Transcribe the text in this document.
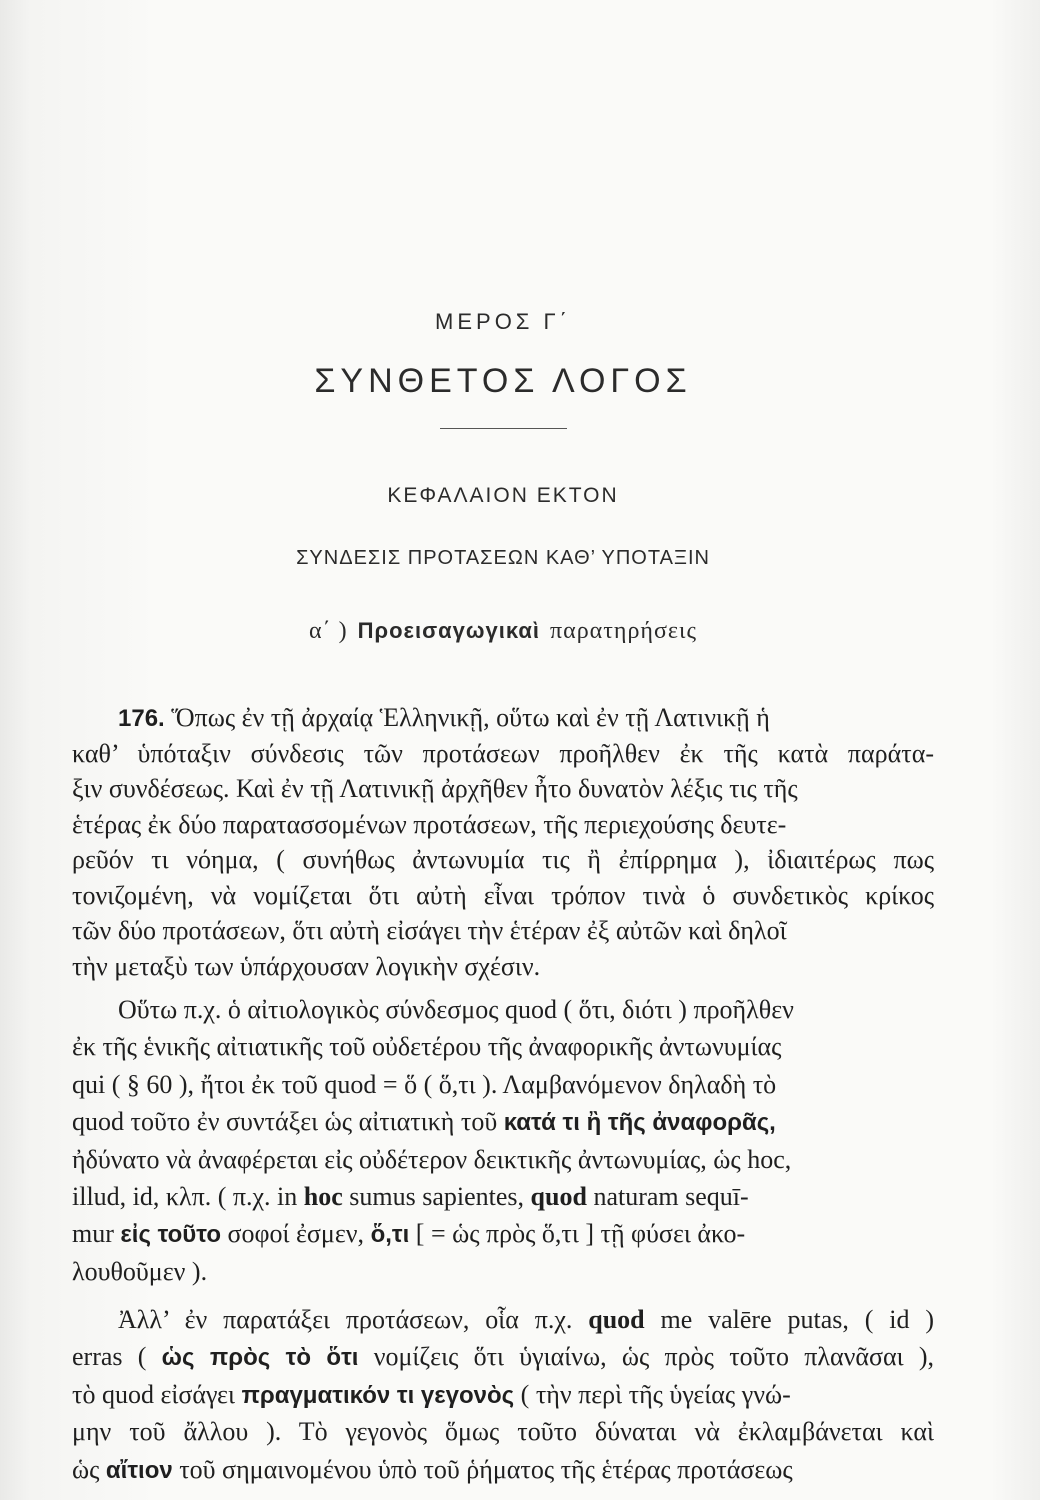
ΜΕΡΟΣ Γ΄
ΣΥΝΘΕΤΟΣ ΛΟΓΟΣ
ΚΕΦΑΛΑΙΟΝ ΕΚΤΟΝ
ΣΥΝΔΕΣΙΣ ΠΡΟΤΑΣΕΩΝ ΚΑΘ’ ΥΠΟΤΑΞΙΝ
α΄ ) Προεισαγωγικαὶ παρατηρήσεις
176. Ὅπως ἐν τῇ ἀρχαίᾳ Ἑλληνικῇ, οὕτω καὶ ἐν τῇ Λατινικῇ ἡ
καθ’ ὑπόταξιν σύνδεσις τῶν προτάσεων προῆλθεν ἐκ τῆς κατὰ παράτα-
ξιν συνδέσεως. Καὶ ἐν τῇ Λατινικῇ ἀρχῆθεν ἦτο δυνατὸν λέξις τις τῆς
ἑτέρας ἐκ δύο παρατασσομένων προτάσεων, τῆς περιεχούσης δευτε-
ρεῦόν τι νόημα, ( συνήθως ἀντωνυμία τις ἢ ἐπίρρημα ), ἰδιαιτέρως πως
τονιζομένη, νὰ νομίζεται ὅτι αὐτὴ εἶναι τρόπον τινὰ ὁ συνδετικὸς κρίκος
τῶν δύο προτάσεων, ὅτι αὐτὴ εἰσάγει τὴν ἑτέραν ἐξ αὐτῶν καὶ δηλοῖ
τὴν μεταξὺ των ὑπάρχουσαν λογικὴν σχέσιν.
Οὕτω π.χ. ὁ αἰτιολογικὸς σύνδεσμος quod ( ὅτι, διότι ) προῆλθεν
ἐκ τῆς ἑνικῆς αἰτιατικῆς τοῦ οὐδετέρου τῆς ἀναφορικῆς ἀντωνυμίας
qui ( § 60 ), ἤτοι ἐκ τοῦ quod = ὅ ( ὅ,τι ). Λαμβανόμενον δηλαδὴ τὸ
quod τοῦτο ἐν συντάξει ὡς αἰτιατικὴ τοῦ κατά τι ἢ τῆς ἀναφορᾶς,
ἠδύνατο νὰ ἀναφέρεται εἰς οὐδέτερον δεικτικῆς ἀντωνυμίας, ὡς hoc,
illud, id, κλπ. ( π.χ. in hoc sumus sapientes, quod naturam sequī-
mur εἰς τοῦτο σοφοί ἐσμεν, ὅ,τι [ = ὡς πρὸς ὅ,τι ] τῇ φύσει ἀκο-
λουθοῦμεν ).
Ἀλλ’ ἐν παρατάξει προτάσεων, οἷα π.χ. quod me valēre putas, ( id )
erras ( ὡς πρὸς τὸ ὅτι νομίζεις ὅτι ὑγιαίνω, ὡς πρὸς τοῦτο πλανᾶσαι ),
τὸ quod εἰσάγει πραγματικόν τι γεγονὸς ( τὴν περὶ τῆς ὑγείας γνώ-
μην τοῦ ἄλλου ). Τὸ γεγονὸς ὅμως τοῦτο δύναται νὰ ἐκλαμβάνεται καὶ
ὡς αἴτιον τοῦ σημαινομένου ὑπὸ τοῦ ῥήματος τῆς ἑτέρας προτάσεως
